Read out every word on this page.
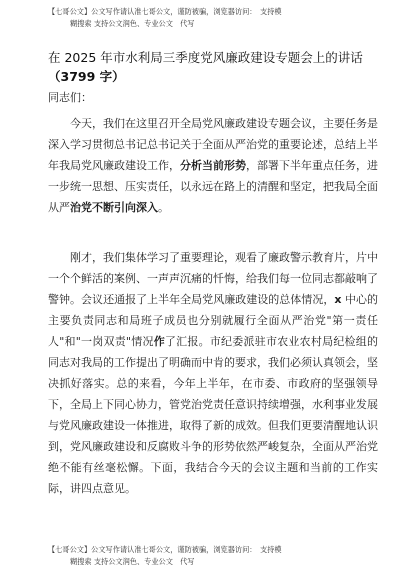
【七哥公文】公文写作请认准七哥公文，谨防被骗，浏览器访问：　支持模
糊搜索 支持公文润色、专业公文　代写
在 2025 年市水利局三季度党风廉政建设专题会上的讲话（3799 字）
同志们：

今天，我们在这里召开全局党风廉政建设专题会议，主要任务是深入学习贯彻总书记总书记关于全面从严治党的重要论述，总结上半年我局党风廉政建设工作，分析当前形势，部署下半年重点任务，进一步统一思想、压实责任，以永远在路上的清醒和坚定，把我局全面从严治党不断引向深入。

刚才，我们集体学习了重要理论，观看了廉政警示教育片，片中一个个鲜活的案例、一声声沉痛的忏悔，给我们每一位同志都敲响了警钟。会议还通报了上半年全局党风廉政建设的总体情况，x 中心的主要负责同志和局班子成员也分别就履行全面从严治党"第一责任人"和"一岗双责"情况作了汇报。市纪委派驻市农业农村局纪检组的同志对我局的工作提出了明确而中肯的要求，我们必须认真领会，坚决抓好落实。总的来看，今年上半年，在市委、市政府的坚强领导下，全局上下同心协力，管党治党责任意识持续增强，水利事业发展与党风廉政建设一体推进，取得了新的成效。但我们更要清醒地认识到，党风廉政建设和反腐败斗争的形势依然严峻复杂，全面从严治党绝不能有丝毫松懈。下面，我结合今天的会议主题和当前的工作实际，讲四点意见。

【七哥公文】公文写作请认准七哥公文，谨防被骗，浏览器访问：　支持模
糊搜索 支持公文润色、专业公文　代写
